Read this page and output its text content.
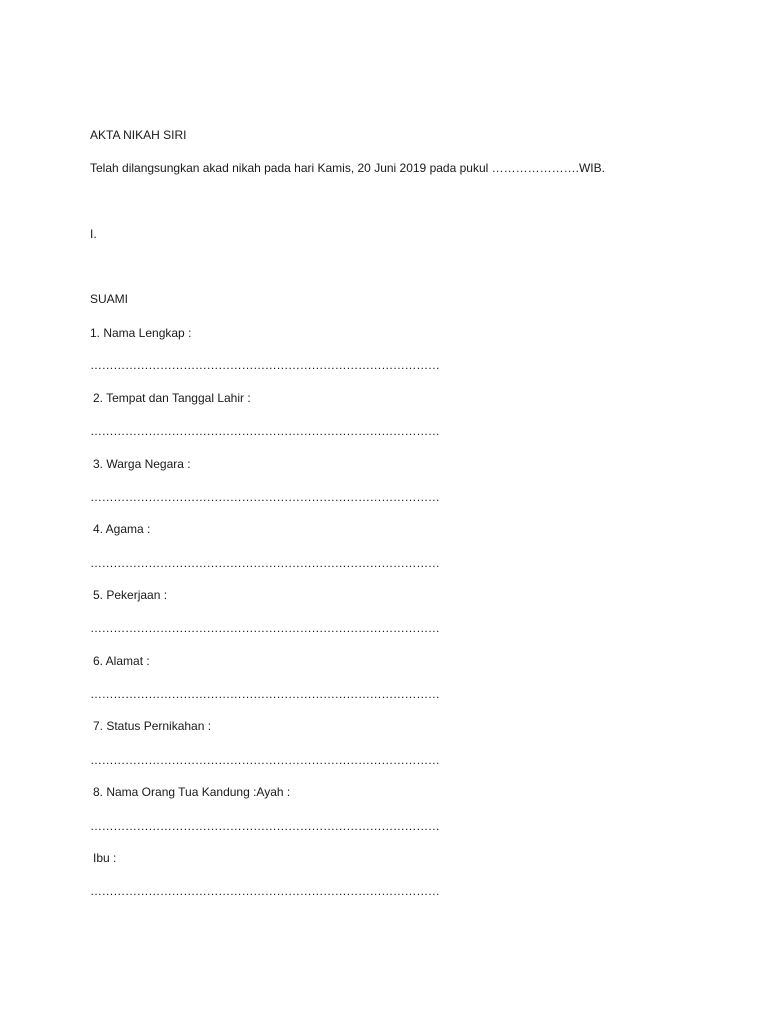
AKTA NIKAH SIRI
Telah dilangsungkan akad nikah pada hari Kamis, 20 Juni 2019 pada pukul ………………….WIB.
I.
SUAMI
1. Nama Lengkap :
………………………………………………………………………………
2. Tempat dan Tanggal Lahir :
………………………………………………………………………………
3. Warga Negara :
………………………………………………………………………………
4. Agama :
………………………………………………………………………………
5. Pekerjaan :
………………………………………………………………………………
6. Alamat :
………………………………………………………………………………
7. Status Pernikahan :
………………………………………………………………………………
8. Nama Orang Tua Kandung :Ayah :
………………………………………………………………………………
Ibu :
………………………………………………………………………………
